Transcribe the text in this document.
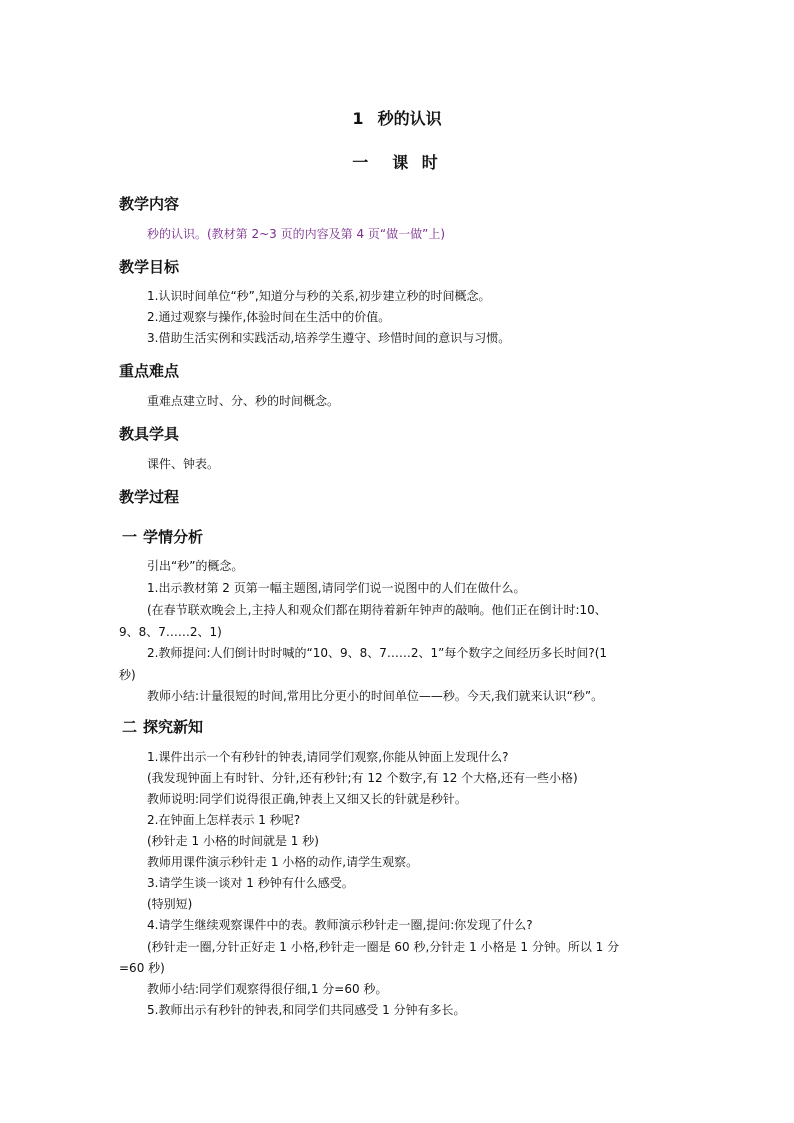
1 秒的认识
一　课 时
教学内容
秒的认识。(教材第 2~3 页的内容及第 4 页“做一做”上)
教学目标
1.认识时间单位“秒”,知道分与秒的关系,初步建立秒的时间概念。
2.通过观察与操作,体验时间在生活中的价值。
3.借助生活实例和实践活动,培养学生遵守、珍惜时间的意识与习惯。
重点难点
重难点建立时、分、秒的时间概念。
教具学具
课件、钟表。
教学过程
一 学情分析
引出“秒”的概念。
1.出示教材第 2 页第一幅主题图,请同学们说一说图中的人们在做什么。
(在春节联欢晚会上,主持人和观众们都在期待着新年钟声的敲响。他们正在倒计时:10、
9、8、7……2、1)
2.教师提问:人们倒计时时喊的“10、9、8、7……2、1”每个数字之间经历多长时间?(1
秒)
教师小结:计量很短的时间,常用比分更小的时间单位——秒。今天,我们就来认识“秒”。
二 探究新知
1.课件出示一个有秒针的钟表,请同学们观察,你能从钟面上发现什么?
(我发现钟面上有时针、分针,还有秒针;有 12 个数字,有 12 个大格,还有一些小格)
教师说明:同学们说得很正确,钟表上又细又长的针就是秒针。
2.在钟面上怎样表示 1 秒呢?
(秒针走 1 小格的时间就是 1 秒)
教师用课件演示秒针走 1 小格的动作,请学生观察。
3.请学生谈一谈对 1 秒钟有什么感受。
(特别短)
4.请学生继续观察课件中的表。教师演示秒针走一圈,提问:你发现了什么?
(秒针走一圈,分针正好走 1 小格,秒针走一圈是 60 秒,分针走 1 小格是 1 分钟。所以 1 分
=60 秒)
教师小结:同学们观察得很仔细,1 分=60 秒。
5.教师出示有秒针的钟表,和同学们共同感受 1 分钟有多长。
